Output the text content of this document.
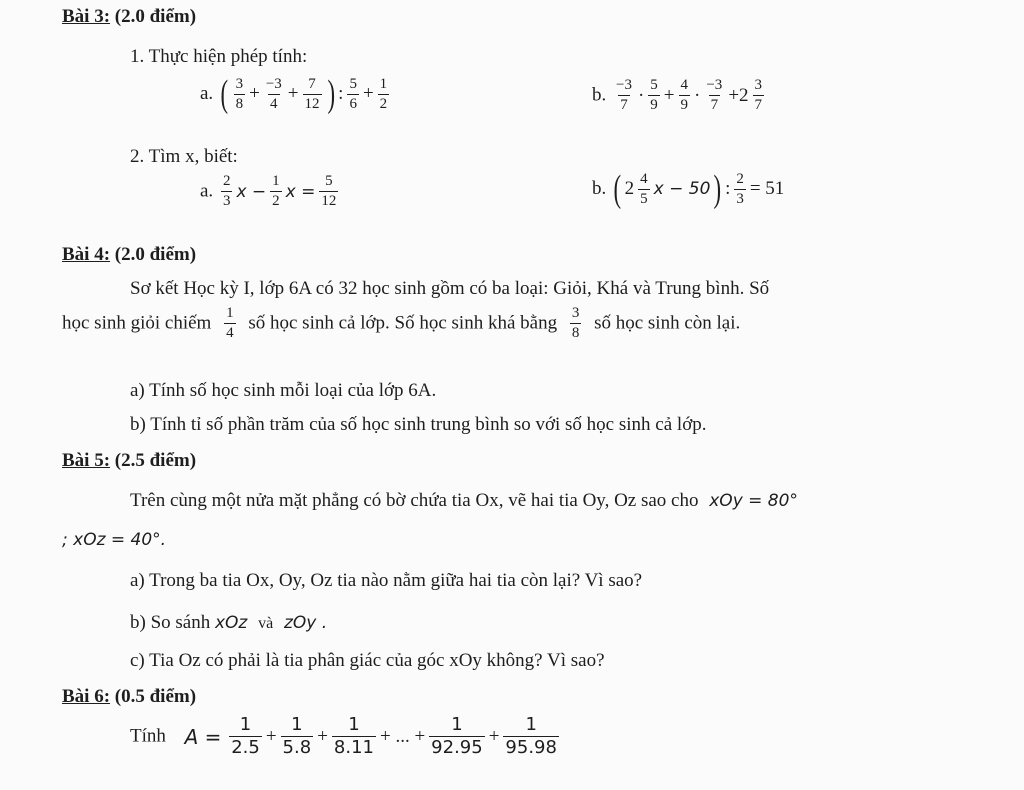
Bài 3: (2.0 điểm)
1. Thực hiện phép tính:
a. ( $\frac{3}{8} + \frac{-3}{4} + \frac{7}{12}$ ) : $\frac{5}{6} + \frac{1}{2}$	b. $\frac{-3}{7} \cdot \frac{5}{9} + \frac{4}{9} \cdot \frac{-3}{7} +2 \frac{3}{7}$
2. Tìm x, biết:
a. $\frac{2}{3}$ $x - \frac{1}{2}$ $x = \frac{5}{12}$	b. ( $2 \frac{4}{5}$ x − 50) : $\frac{2}{3} = 51$
Bài 4: (2.0 điểm)
Sơ kết Học kỳ I, lớp 6A có 32 học sinh gồm có ba loại: Giỏi, Khá và Trung bình. Số
học sinh giỏi chiếm $\frac{1}{4}$ số học sinh cả lớp. Số học sinh khá bằng $\frac{3}{8}$ số học sinh còn lại.
a) Tính số học sinh mỗi loại của lớp 6A.
b) Tính tỉ số phần trăm của số học sinh trung bình so với số học sinh cả lớp.
Bài 5: (2.5 điểm)
Trên cùng một nửa mặt phẳng có bờ chứa tia Ox, vẽ hai tia Oy, Oz sao cho xOy = 80°
; xOz = 40°.
a) Trong ba tia Ox, Oy, Oz tia nào nằm giữa hai tia còn lại? Vì sao?
b) So sánh xOz và zOy .
c) Tia Oz có phải là tia phân giác của góc xOy không? Vì sao?
Bài 6: (0.5 điểm)
Tính $A = \frac{1}{2.5} + \frac{1}{5.8} + \frac{1}{8.11}$ + ... + $\frac{1}{92.95} + \frac{1}{95.98}$
